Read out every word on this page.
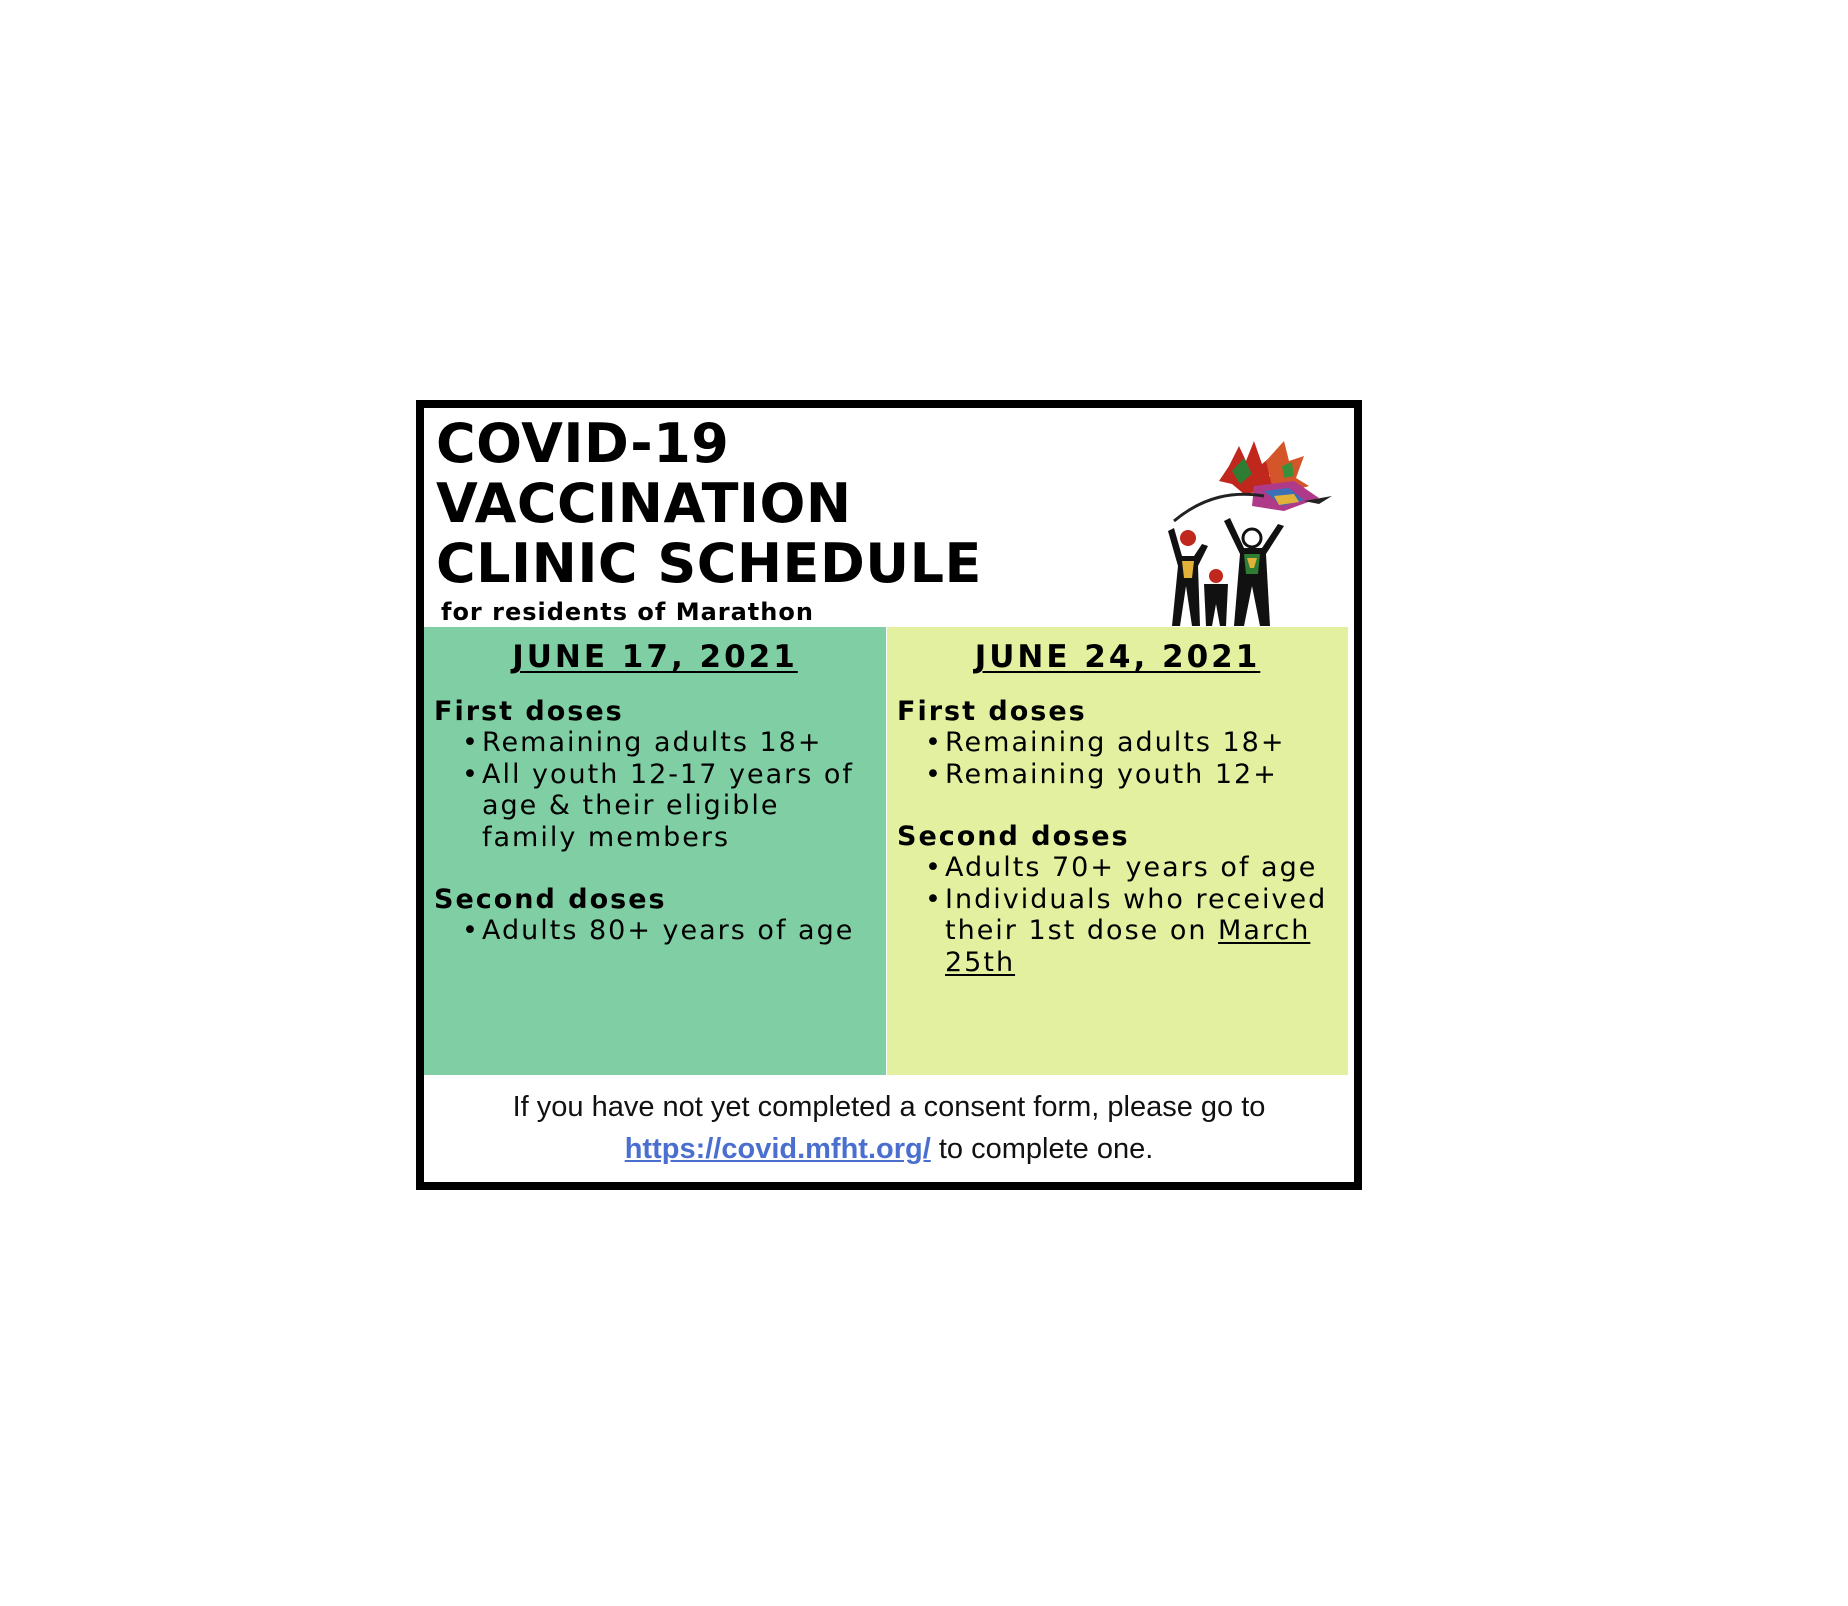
COVID-19
VACCINATION
CLINIC SCHEDULE
for residents of Marathon
JUNE 17, 2021
First doses
• Remaining adults 18+
• All youth 12-17 years of age & their eligible family members
Second doses
• Adults 80+ years of age
JUNE 24, 2021
First doses
• Remaining adults 18+
• Remaining youth 12+
Second doses
• Adults 70+ years of age
• Individuals who received their 1st dose on March 25th
If you have not yet completed a consent form, please go to
https://covid.mfht.org/ to complete one.
